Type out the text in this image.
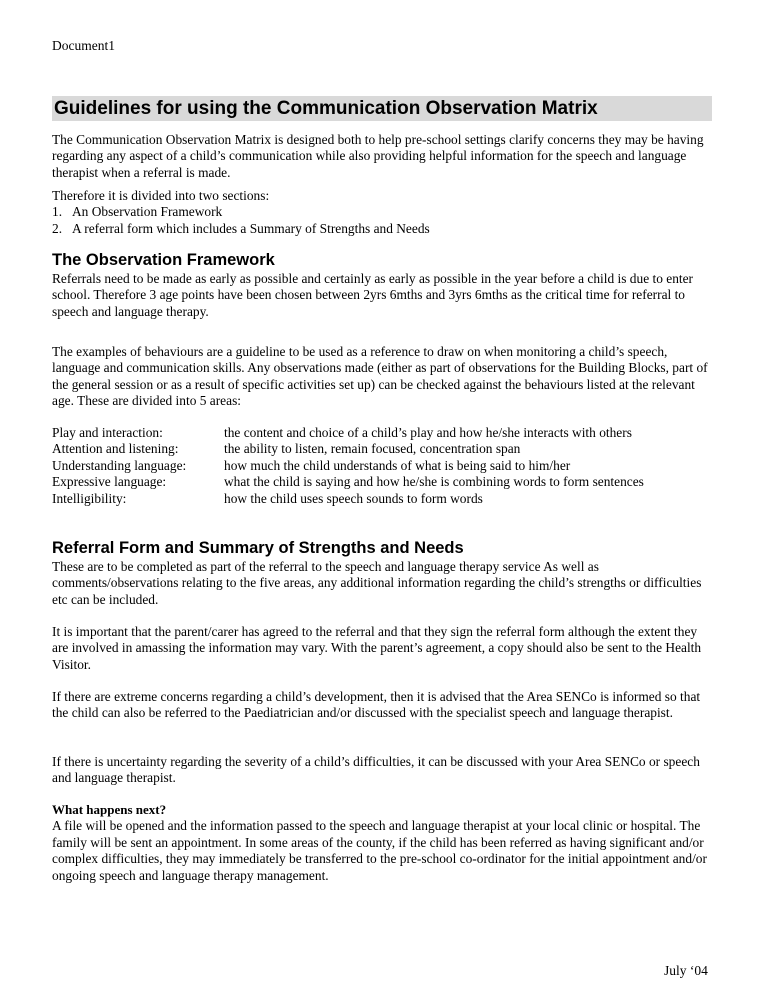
Document1
Guidelines for using the Communication Observation Matrix

The Communication Observation Matrix is designed both to help pre-school settings clarify concerns they may be having regarding any aspect of a child’s communication while also providing helpful information for the speech and language therapist when a referral is made.

Therefore it is divided into two sections:

1. An Observation Framework
2. A referral form which includes a Summary of Strengths and Needs
The Observation Framework

Referrals need to be made as early as possible and certainly as early as possible in the year before a child is due to enter school. Therefore 3 age points have been chosen between 2yrs 6mths and 3yrs 6mths as the critical time for referral to speech and language therapy.

The examples of behaviours are a guideline to be used as a reference to draw on when monitoring a child’s speech, language and communication skills. Any observations made (either as part of observations for the Building Blocks, part of the general session or as a result of specific activities set up) can be checked against the behaviours listed at the relevant age. These are divided into 5 areas:

Play and interaction:	the content and choice of a child’s play and how he/she interacts with others
Attention and listening:	the ability to listen, remain focused, concentration span
Understanding language:	how much the child understands of what is being said to him/her
Expressive language:	what the child is saying and how he/she is combining words to form sentences
Intelligibility:	how the child uses speech sounds to form words
Referral Form and Summary of Strengths and Needs

These are to be completed as part of the referral to the speech and language therapy service As well as comments/observations relating to the five areas, any additional information regarding the child’s strengths or difficulties etc can be included.

It is important that the parent/carer has agreed to the referral and that they sign the referral form although the extent they are involved in amassing the information may vary. With the parent’s agreement, a copy should also be sent to the Health Visitor.

If there are extreme concerns regarding a child’s development, then it is advised that the Area SENCo is informed so that the child can also be referred to the Paediatrician and/or discussed with the specialist speech and language therapist.

If there is uncertainty regarding the severity of a child’s difficulties, it can be discussed with your Area SENCo or speech and language therapist.

What happens next?

A file will be opened and the information passed to the speech and language therapist at your local clinic or hospital. The family will be sent an appointment. In some areas of the county, if the child has been referred as having significant and/or complex difficulties, they may immediately be transferred to the pre-school co-ordinator for the initial appointment and/or ongoing speech and language therapy management.

July ‘04
